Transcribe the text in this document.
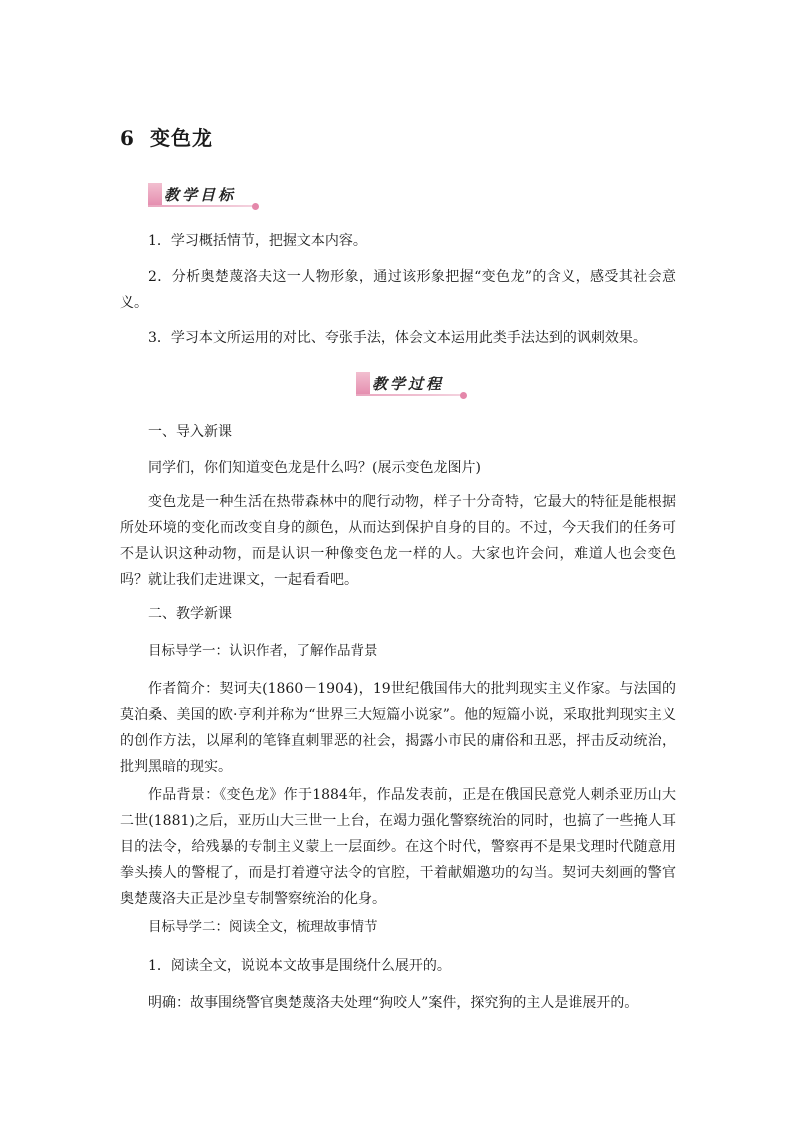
6 变色龙
教学目标
1．学习概括情节，把握文本内容。
2．分析奥楚蔑洛夫这一人物形象，通过该形象把握“变色龙”的含义，感受其社会意义。
3．学习本文所运用的对比、夸张手法，体会文本运用此类手法达到的讽刺效果。
教学过程
一、导入新课
同学们，你们知道变色龙是什么吗？(展示变色龙图片)
变色龙是一种生活在热带森林中的爬行动物，样子十分奇特，它最大的特征是能根据所处环境的变化而改变自身的颜色，从而达到保护自身的目的。不过，今天我们的任务可不是认识这种动物，而是认识一种像变色龙一样的人。大家也许会问，难道人也会变色吗？就让我们走进课文，一起看看吧。
二、教学新课
目标导学一：认识作者，了解作品背景
作者简介：契诃夫(1860－1904)，19世纪俄国伟大的批判现实主义作家。与法国的莫泊桑、美国的欧·亨利并称为“世界三大短篇小说家”。他的短篇小说，采取批判现实主义的创作方法，以犀利的笔锋直刺罪恶的社会，揭露小市民的庸俗和丑恶，抨击反动统治，批判黑暗的现实。
作品背景：《变色龙》作于1884年，作品发表前，正是在俄国民意党人刺杀亚历山大二世(1881)之后，亚历山大三世一上台，在竭力强化警察统治的同时，也搞了一些掩人耳目的法令，给残暴的专制主义蒙上一层面纱。在这个时代，警察再不是果戈理时代随意用拳头揍人的警棍了，而是打着遵守法令的官腔，干着献媚邀功的勾当。契诃夫刻画的警官奥楚蔑洛夫正是沙皇专制警察统治的化身。
目标导学二：阅读全文，梳理故事情节
1．阅读全文，说说本文故事是围绕什么展开的。
明确：故事围绕警官奥楚蔑洛夫处理“狗咬人”案件，探究狗的主人是谁展开的。
